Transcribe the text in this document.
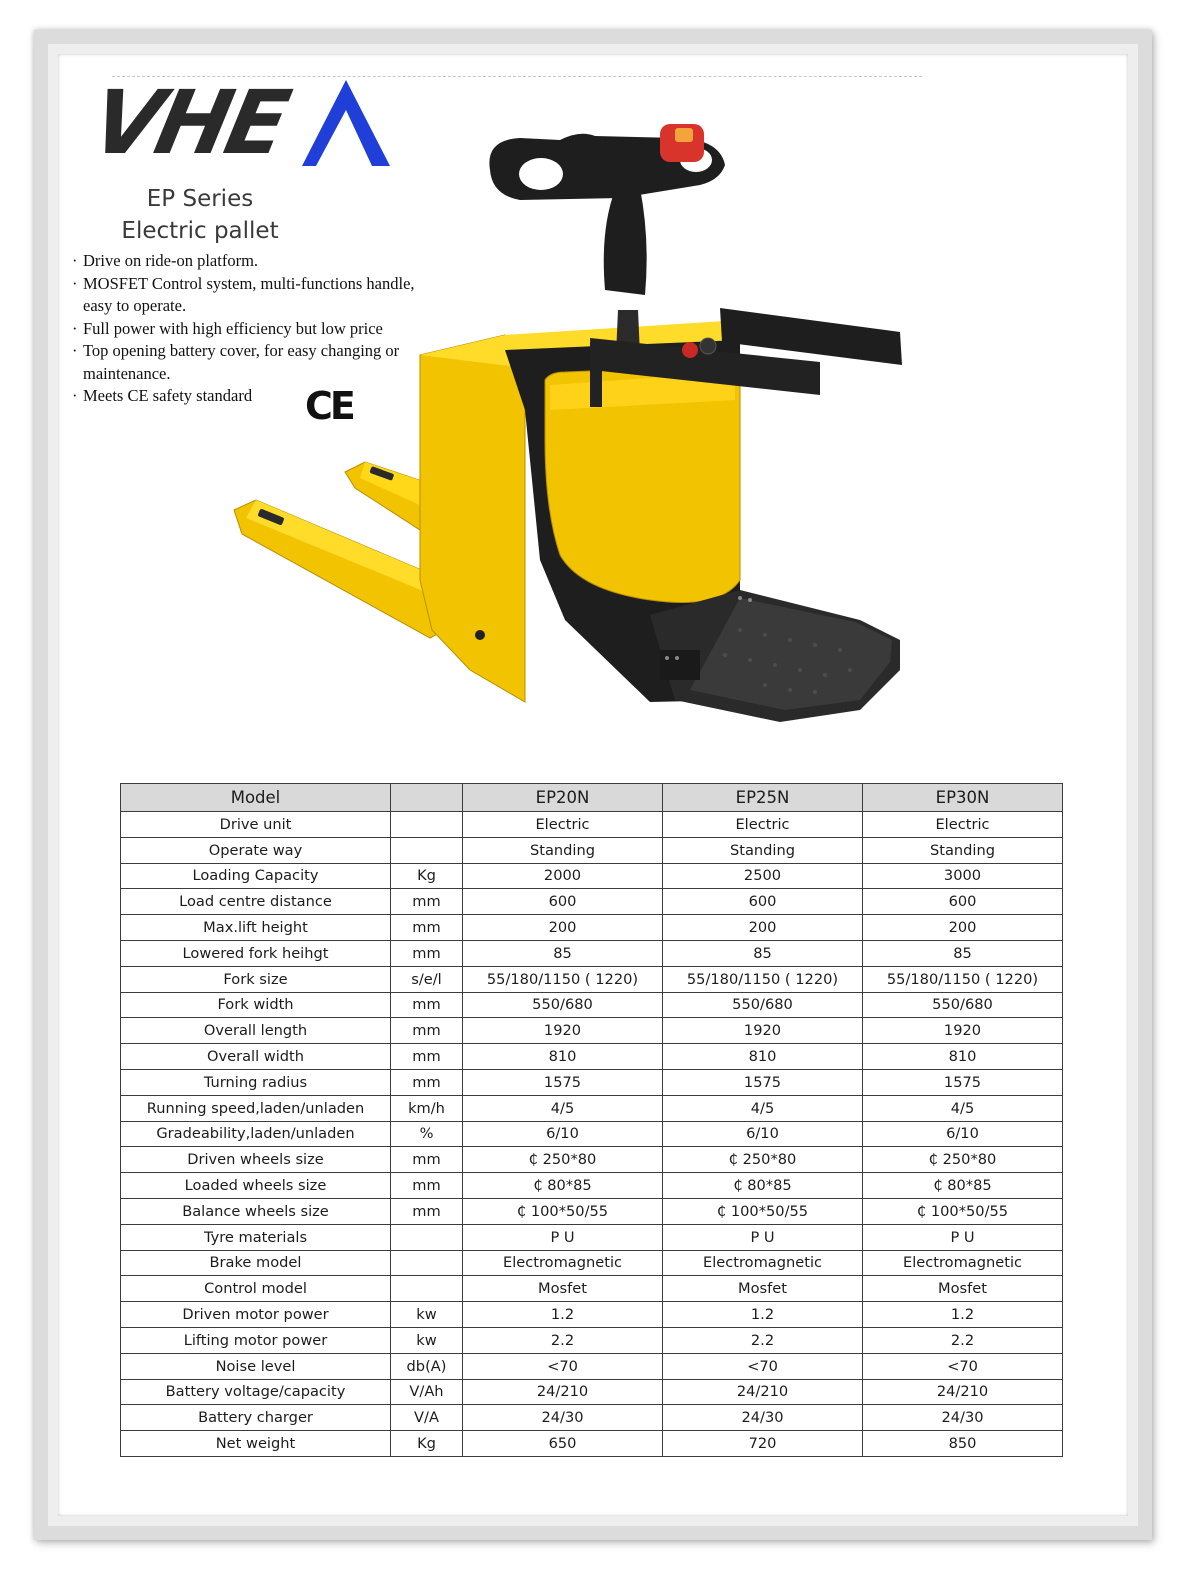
VHE
EP Series
Electric pallet
· Drive on ride-on platform.
· MOSFET Control system, multi-functions handle, easy to operate.
· Full power with high efficiency but low price
· Top opening battery cover, for easy changing or maintenance.
· Meets CE safety standard	CE
Model		EP20N	EP25N	EP30N
Drive unit		Electric	Electric	Electric
Operate way		Standing	Standing	Standing
Loading Capacity	Kg	2000	2500	3000
Load centre distance	mm	600	600	600
Max.lift height	mm	200	200	200
Lowered fork heihgt	mm	85	85	85
Fork size	s/e/l	55/180/1150 ( 1220)	55/180/1150 ( 1220)	55/180/1150 ( 1220)
Fork width	mm	550/680	550/680	550/680
Overall length	mm	1920	1920	1920
Overall width	mm	810	810	810
Turning radius	mm	1575	1575	1575
Running speed,laden/unladen	km/h	4/5	4/5	4/5
Gradeability,laden/unladen	%	6/10	6/10	6/10
Driven wheels size	mm	₵ 250*80	₵ 250*80	₵ 250*80
Loaded wheels size	mm	₵ 80*85	₵ 80*85	₵ 80*85
Balance wheels size	mm	₵ 100*50/55	₵ 100*50/55	₵ 100*50/55
Tyre materials		P U	P U	P U
Brake model		Electromagnetic	Electromagnetic	Electromagnetic
Control model		Mosfet	Mosfet	Mosfet
Driven motor power	kw	1.2	1.2	1.2
Lifting motor power	kw	2.2	2.2	2.2
Noise level	db(A)	<70	<70	<70
Battery voltage/capacity	V/Ah	24/210	24/210	24/210
Battery charger	V/A	24/30	24/30	24/30
Net weight	Kg	650	720	850
